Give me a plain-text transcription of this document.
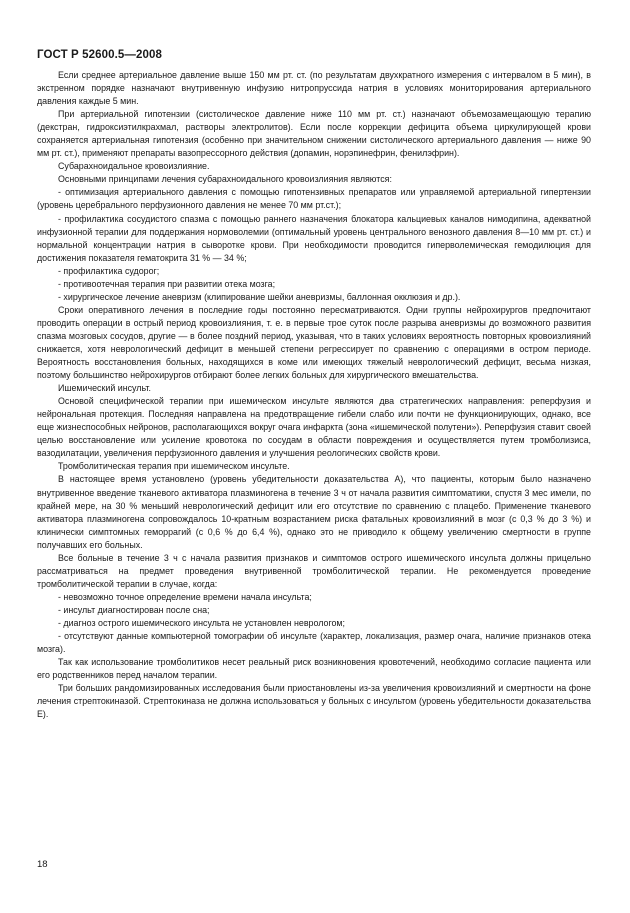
ГОСТ Р 52600.5—2008

Если среднее артериальное давление выше 150 мм рт. ст. (по результатам двухкратного измерения с интервалом в 5 мин), в экстренном порядке назначают внутривенную инфузию нитропруссида натрия в условиях мониторирования артериального давления каждые 5 мин.

При артериальной гипотензии (систолическое давление ниже 110 мм рт. ст.) назначают объемозамещающую терапию (декстран, гидроксиэтилкрахмал, растворы электролитов). Если после коррекции дефицита объема циркулирующей крови сохраняется артериальная гипотензия (особенно при значительном снижении систолического артериального давления — ниже 90 мм рт. ст.), применяют препараты вазопрессорного действия (допамин, норэпинефрин, фенилэфрин).

Субарахноидальное кровоизлияние.

Основными принципами лечения субарахноидального кровоизлияния являются:

- оптимизация артериального давления с помощью гипотензивных препаратов или управляемой артериальной гипертензии (уровень церебрального перфузионного давления не менее 70 мм рт.ст.);

- профилактика сосудистого спазма с помощью раннего назначения блокатора кальциевых каналов нимодипина, адекватной инфузионной терапии для поддержания нормоволемии (оптимальный уровень центрального венозного давления 8—10 мм рт. ст.) и нормальной концентрации натрия в сыворотке крови. При необходимости проводится гиперволемическая гемодилюция для достижения показателя гематокрита 31 % — 34 %;

- профилактика судорог;

- противоотечная терапия при развитии отека мозга;

- хирургическое лечение аневризм (клипирование шейки аневризмы, баллонная окклюзия и др.).

Сроки оперативного лечения в последние годы постоянно пересматриваются. Одни группы нейрохирургов предпочитают проводить операции в острый период кровоизлияния, т. е. в первые трое суток после разрыва аневризмы до возможного развития спазма мозговых сосудов, другие — в более поздний период, указывая, что в таких условиях вероятность повторных кровоизлияний снижается, хотя неврологический дефицит в меньшей степени регрессирует по сравнению с операциями в остром периоде. Вероятность восстановления больных, находящихся в коме или имеющих тяжелый неврологический дефицит, весьма низкая, поэтому большинство нейрохирургов отбирают более легких больных для хирургического вмешательства.

Ишемический инсульт.

Основой специфической терапии при ишемическом инсульте являются два стратегических направления: реперфузия и нейрональная протекция. Последняя направлена на предотвращение гибели слабо или почти не функционирующих, однако, все еще жизнеспособных нейронов, располагающихся вокруг очага инфаркта (зона «ишемической полутени»). Реперфузия ставит своей целью восстановление или усиление кровотока по сосудам в области повреждения и осуществляется путем тромболизиса, вазодилатации, увеличения перфузионного давления и улучшения реологических свойств крови.

Тромболитическая терапия при ишемическом инсульте.

В настоящее время установлено (уровень убедительности доказательства А), что пациенты, которым было назначено внутривенное введение тканевого активатора плазминогена в течение 3 ч от начала развития симптоматики, спустя 3 мес имели, по крайней мере, на 30 % меньший неврологический дефицит или его отсутствие по сравнению с плацебо. Применение тканевого активатора плазминогена сопровождалось 10-кратным возрастанием риска фатальных кровоизлияний в мозг (с 0,3 % до 3 %) и клинически симптомных геморрагий (с 0,6 % до 6,4 %), однако это не приводило к общему увеличению смертности в группе получавших его больных.

Все больные в течение 3 ч с начала развития признаков и симптомов острого ишемического инсульта должны прицельно рассматриваться на предмет проведения внутривенной тромболитической терапии. Не рекомендуется проведение тромболитической терапии в случае, когда:

- невозможно точное определение времени начала инсульта;

- инсульт диагностирован после сна;

- диагноз острого ишемического инсульта не установлен неврологом;

- отсутствуют данные компьютерной томографии об инсульте (характер, локализация, размер очага, наличие признаков отека мозга).

Так как использование тромболитиков несет реальный риск возникновения кровотечений, необходимо согласие пациента или его родственников перед началом терапии.

Три больших рандомизированных исследования были приостановлены из-за увеличения кровоизлияний и смертности на фоне лечения стрептокиназой. Стрептокиназа не должна использоваться у больных с инсультом (уровень убедительности доказательства Е).

18
